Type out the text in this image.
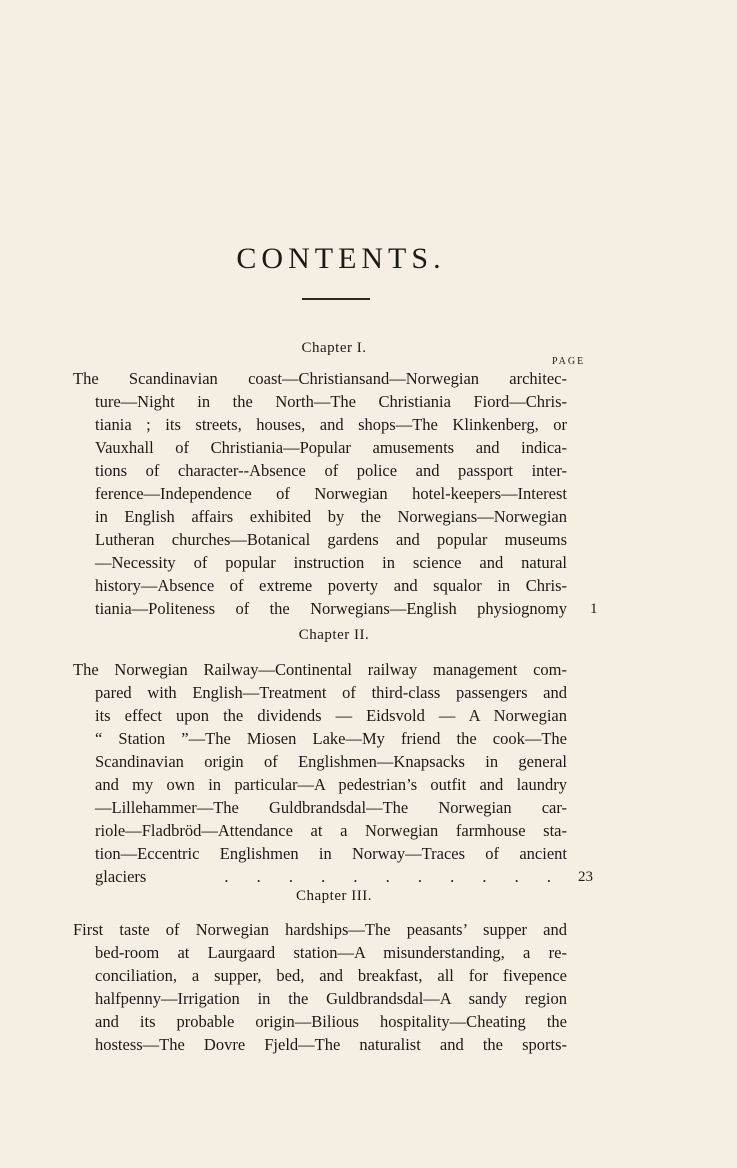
CONTENTS.
Chapter I.
PAGE
The Scandinavian coast—Christiansand—Norwegian architec-
ture—Night in the North—The Christiania Fiord—Chris-
tiania ; its streets, houses, and shops—The Klinkenberg, or
Vauxhall of Christiania—Popular amusements and indica-
tions of character--Absence of police and passport inter-
ference—Independence of Norwegian hotel-keepers—Interest
in English affairs exhibited by the Norwegians—Norwegian
Lutheran churches—Botanical gardens and popular museums
—Necessity of popular instruction in science and natural
history—Absence of extreme poverty and squalor in Chris-
tiania—Politeness of the Norwegians—English physiognomy 1
Chapter II.
The Norwegian Railway—Continental railway management com-
pared with English—Treatment of third-class passengers and
its effect upon the dividends — Eidsvold — A Norwegian
“ Station ”—The Miosen Lake—My friend the cook—The
Scandinavian origin of Englishmen—Knapsacks in general
and my own in particular—A pedestrian’s outfit and laundry
—Lillehammer—The Guldbrandsdal—The Norwegian car-
riole—Fladbröd—Attendance at a Norwegian farmhouse sta-
tion—Eccentric Englishmen in Norway—Traces of ancient
glaciers	. . . . . . . . . . . 23
Chapter III.
First taste of Norwegian hardships—The peasants’ supper and
bed-room at Laurgaard station—A misunderstanding, a re-
conciliation, a supper, bed, and breakfast, all for fivepence
halfpenny—Irrigation in the Guldbrandsdal—A sandy region
and its probable origin—Bilious hospitality—Cheating the
hostess—The Dovre Fjeld—The naturalist and the sports-
